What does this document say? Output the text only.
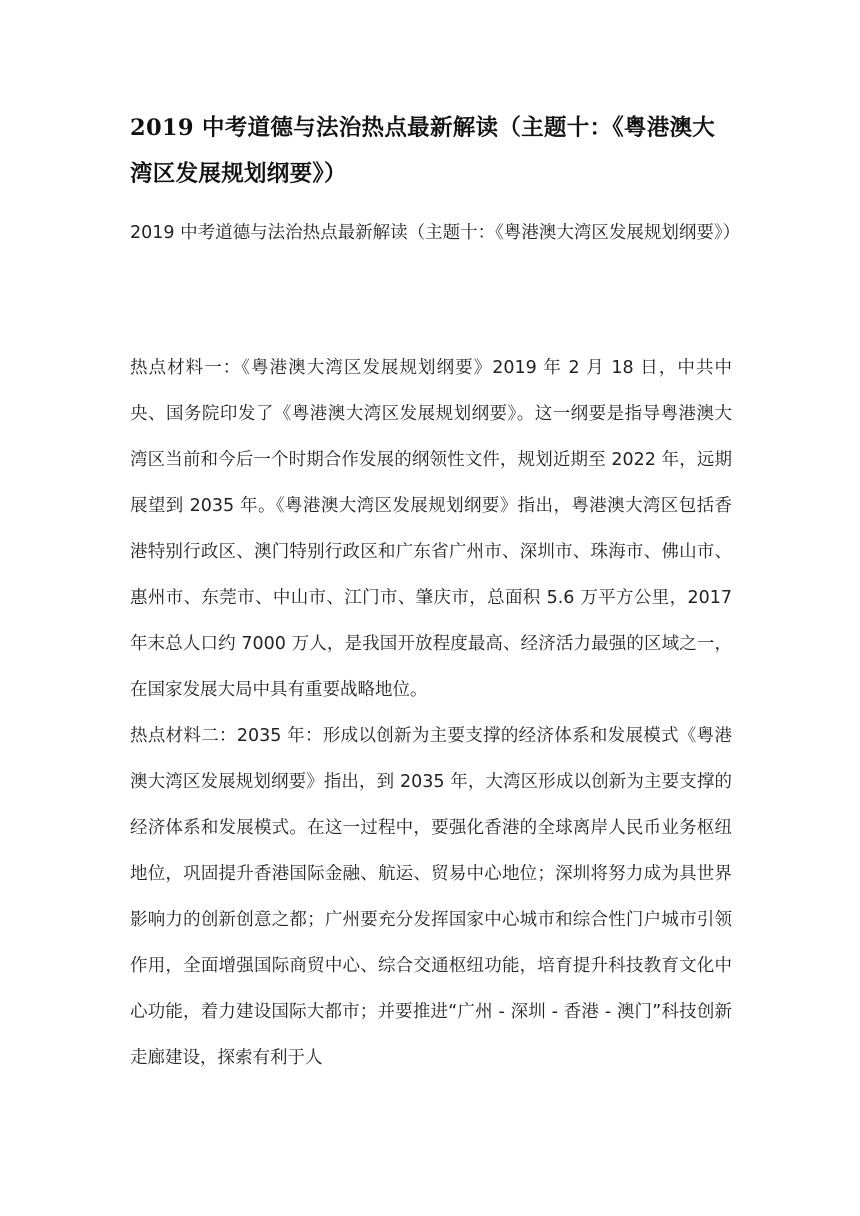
2019 中考道德与法治热点最新解读（主题十：《粤港澳大湾区发展规划纲要》）

2019 中考道德与法治热点最新解读（主题十：《粤港澳大湾区发展规划纲要》）

热点材料一：《粤港澳大湾区发展规划纲要》2019 年 2 月 18 日，中共中央、国务院印发了《粤港澳大湾区发展规划纲要》。这一纲要是指导粤港澳大湾区当前和今后一个时期合作发展的纲领性文件，规划近期至 2022 年，远期展望到 2035 年。《粤港澳大湾区发展规划纲要》指出，粤港澳大湾区包括香港特别行政区、澳门特别行政区和广东省广州市、深圳市、珠海市、佛山市、惠州市、东莞市、中山市、江门市、肇庆市，总面积 5.6 万平方公里，2017 年末总人口约 7000 万人，是我国开放程度最高、经济活力最强的区域之一，在国家发展大局中具有重要战略地位。

热点材料二：2035 年：形成以创新为主要支撑的经济体系和发展模式《粤港澳大湾区发展规划纲要》指出，到 2035 年，大湾区形成以创新为主要支撑的经济体系和发展模式。在这一过程中，要强化香港的全球离岸人民币业务枢纽地位，巩固提升香港国际金融、航运、贸易中心地位；深圳将努力成为具世界影响力的创新创意之都；广州要充分发挥国家中心城市和综合性门户城市引领作用，全面增强国际商贸中心、综合交通枢纽功能，培育提升科技教育文化中心功能，着力建设国际大都市；并要推进“广州 - 深圳 - 香港 - 澳门”科技创新走廊建设，探索有利于人
